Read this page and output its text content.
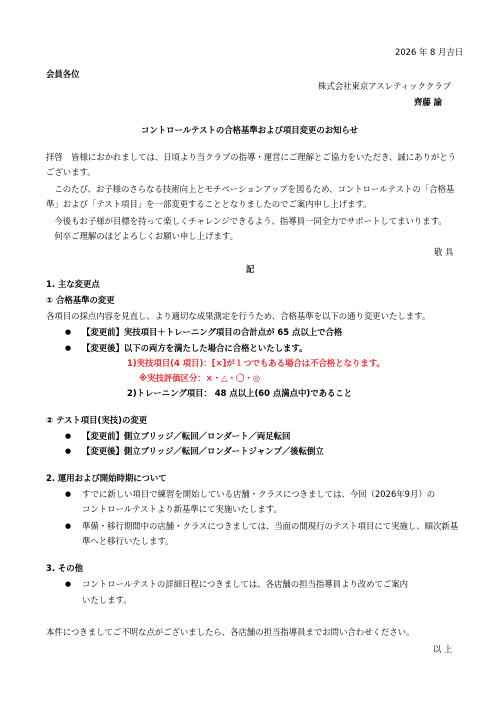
2026 年 8 月吉日
会員各位
株式会社東京アスレティッククラブ
齊藤 諭
コントロールテストの合格基準および項目変更のお知らせ
拝啓　皆様におかれましては、日頃より当クラブの指導・運営にご理解とご協力をいただき、誠にありがとう
ございます。
　このたび、お子様のさらなる技術向上とモチベーションアップを図るため、コントロールテストの「合格基
準」および「テスト項目」を一部変更することとなりましたのでご案内申し上げます。
　今後もお子様が目標を持って楽しくチャレンジできるよう、指導員一同全力でサポートしてまいります。
　何卒ご理解のほどよろしくお願い申し上げます。
敬 具
記
1. 主な変更点
① 合格基準の変更
各項目の採点内容を見直し、より適切な成果測定を行うため、合格基準を以下の通り変更いたします。
● 【変更前】実技項目＋トレーニング項目の合計点が 65 点以上で合格
● 【変更後】以下の両方を満たした場合に合格といたします。
1)実技項目(4 項目)：[×]が１つでもある場合は不合格となります。
※実技評価区分：×・△・〇・◎
2)トレーニング項目： 48 点以上(60 点満点中)であること
② テスト項目(実技)の変更
● 【変更前】側立ブリッジ／転回／ロンダート／両足転回
● 【変更後】側立ブリッジ／転回／ロンダートジャンプ／後転倒立
2. 運用および開始時期について
● すでに新しい項目で練習を開始している店舗・クラスにつきましては、今回（2026年9月）の
コントロールテストより新基準にて実施いたします。
● 準備・移行期間中の店舗・クラスにつきましては、当面の間現行のテスト項目にて実施し、順次新基
準へと移行いたします。
3. その他
● コントロールテストの詳細日程につきましては、各店舗の担当指導員より改めてご案内
いたします。
本件につきましてご不明な点がございましたら、各店舗の担当指導員までお問い合わせください。
以 上
